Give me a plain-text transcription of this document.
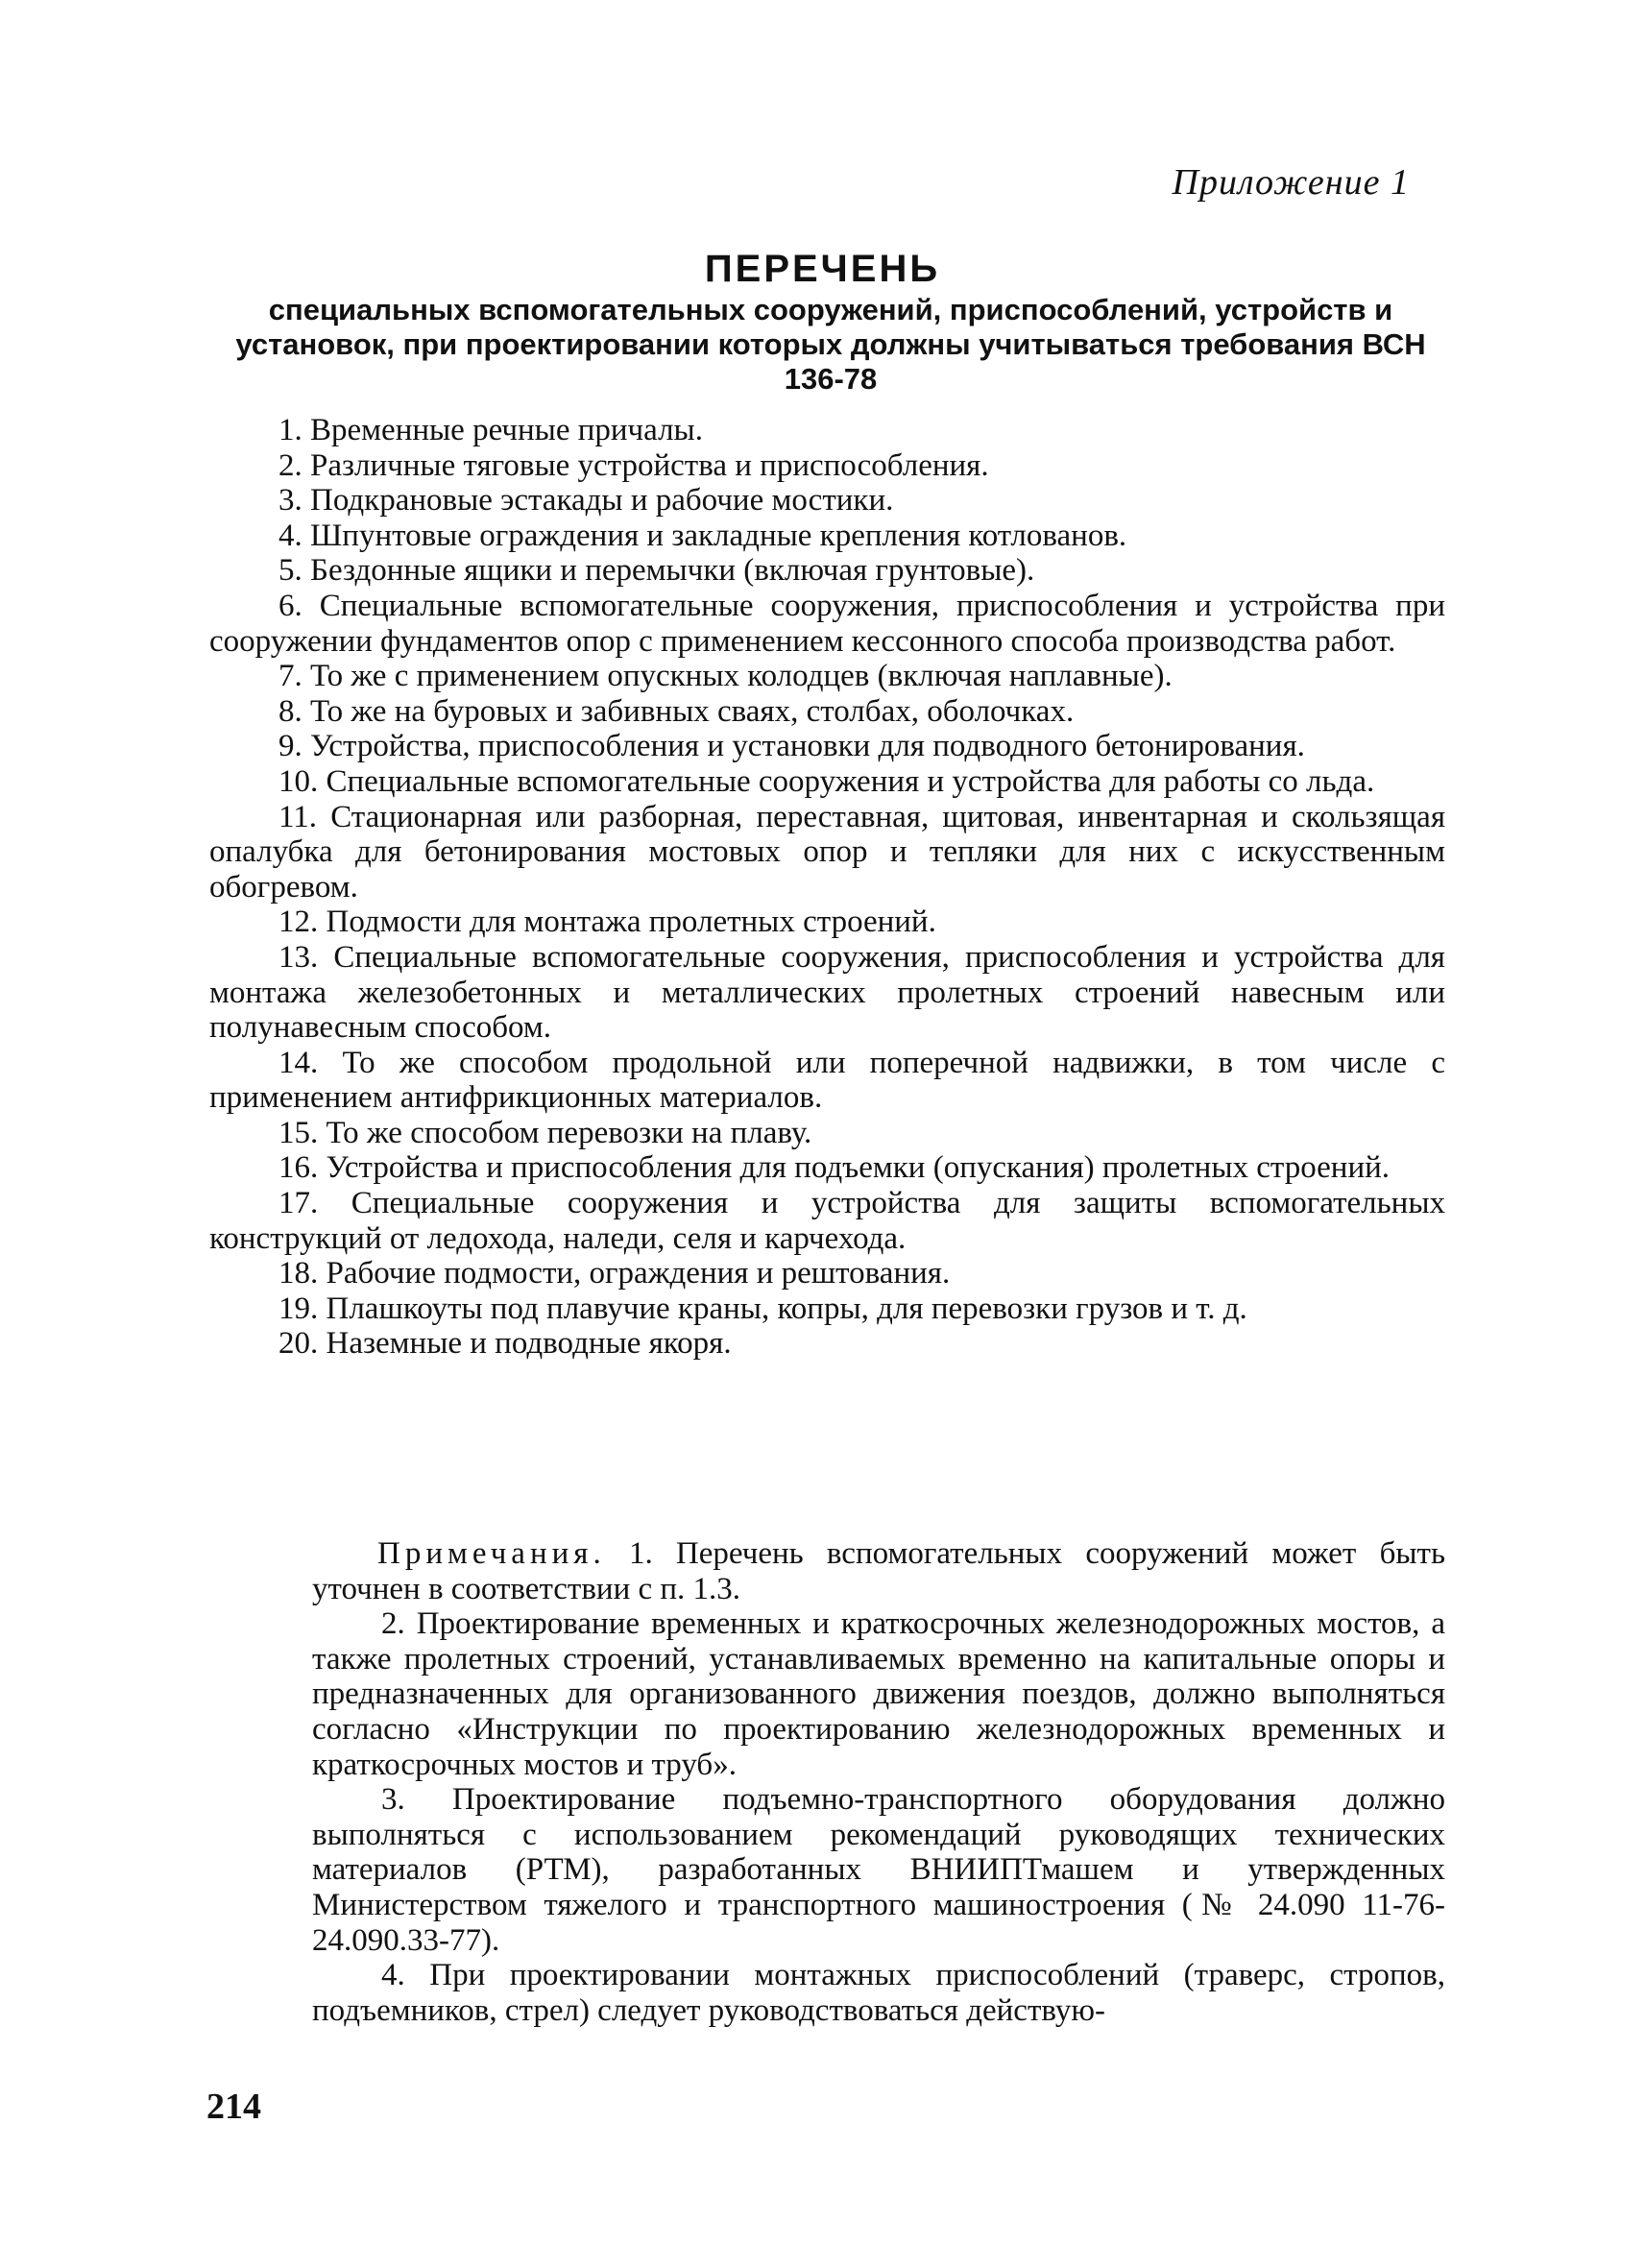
Приложение 1
ПЕРЕЧЕНЬ
специальных вспомогательных сооружений, приспособлений, устройств и установок, при проектировании которых должны учитываться требования ВСН 136-78

1. Временные речные причалы.

2. Различные тяговые устройства и приспособления.

3. Подкрановые эстакады и рабочие мостики.

4. Шпунтовые ограждения и закладные крепления котлованов.

5. Бездонные ящики и перемычки (включая грунтовые).

6. Специальные вспомогательные сооружения, приспособления и устройства при сооружении фундаментов опор с применением кессонного способа производства работ.

7. То же с применением опускных колодцев (включая наплавные).

8. То же на буровых и забивных сваях, столбах, оболочках.

9. Устройства, приспособления и установки для подводного бетонирования.

10. Специальные вспомогательные сооружения и устройства для работы со льда.

11. Стационарная или разборная, переставная, щитовая, инвентарная и скользящая опалубка для бетонирования мостовых опор и тепляки для них с искусственным обогревом.

12. Подмости для монтажа пролетных строений.

13. Специальные вспомогательные сооружения, приспособления и устройства для монтажа железобетонных и металлических пролетных строений навесным или полунавесным способом.

14. То же способом продольной или поперечной надвижки, в том числе с применением антифрикционных материалов.

15. То же способом перевозки на плаву.

16. Устройства и приспособления для подъемки (опускания) пролетных строений.

17. Специальные сооружения и устройства для защиты вспомогательных конструкций от ледохода, наледи, селя и карчехода.

18. Рабочие подмости, ограждения и рештования.

19. Плашкоуты под плавучие краны, копры, для перевозки грузов и т. д.

20. Наземные и подводные якоря.

Примечания. 1. Перечень вспомогательных сооружений может быть уточнен в соответствии с п. 1.3.

2. Проектирование временных и краткосрочных железнодорожных мостов, а также пролетных строений, устанавливаемых временно на капитальные опоры и предназначенных для организованного движения поездов, должно выполняться согласно «Инструкции по проектированию железнодорожных временных и краткосрочных мостов и труб».

3. Проектирование подъемно-транспортного оборудования должно выполняться с использованием рекомендаций руководящих технических материалов (РТМ), разработанных ВНИИПТмашем и утвержденных Министерством тяжелого и транспортного машиностроения (№ 24.090 11-76-24.090.33-77).

4. При проектировании монтажных приспособлений (траверс, стропов, подъемников, стрел) следует руководствоваться действую-

214
